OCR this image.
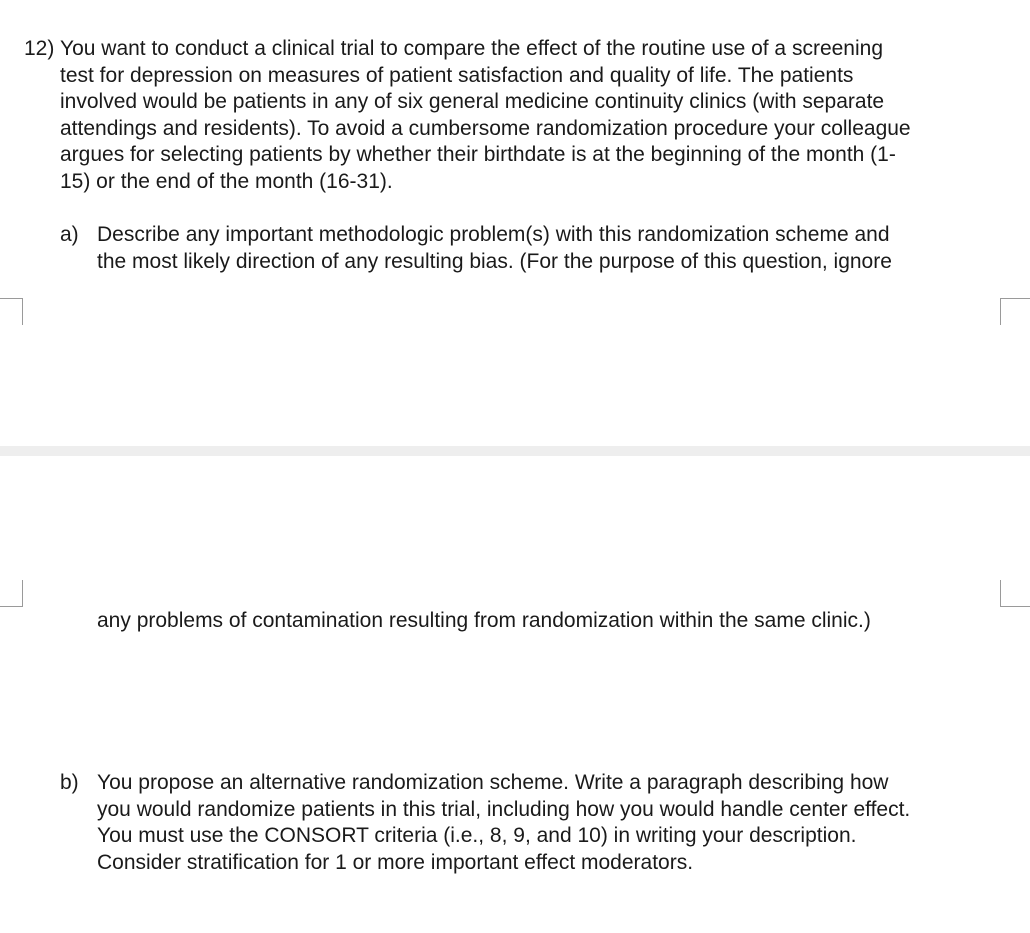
12) You want to conduct a clinical trial to compare the effect of the routine use of a screening
test for depression on measures of patient satisfaction and quality of life. The patients
involved would be patients in any of six general medicine continuity clinics (with separate
attendings and residents). To avoid a cumbersome randomization procedure your colleague
argues for selecting patients by whether their birthdate is at the beginning of the month (1-
15) or the end of the month (16-31).
a) Describe any important methodologic problem(s) with this randomization scheme and
the most likely direction of any resulting bias. (For the purpose of this question, ignore
any problems of contamination resulting from randomization within the same clinic.)
b) You propose an alternative randomization scheme. Write a paragraph describing how
you would randomize patients in this trial, including how you would handle center effect.
You must use the CONSORT criteria (i.e., 8, 9, and 10) in writing your description.
Consider stratification for 1 or more important effect moderators.
